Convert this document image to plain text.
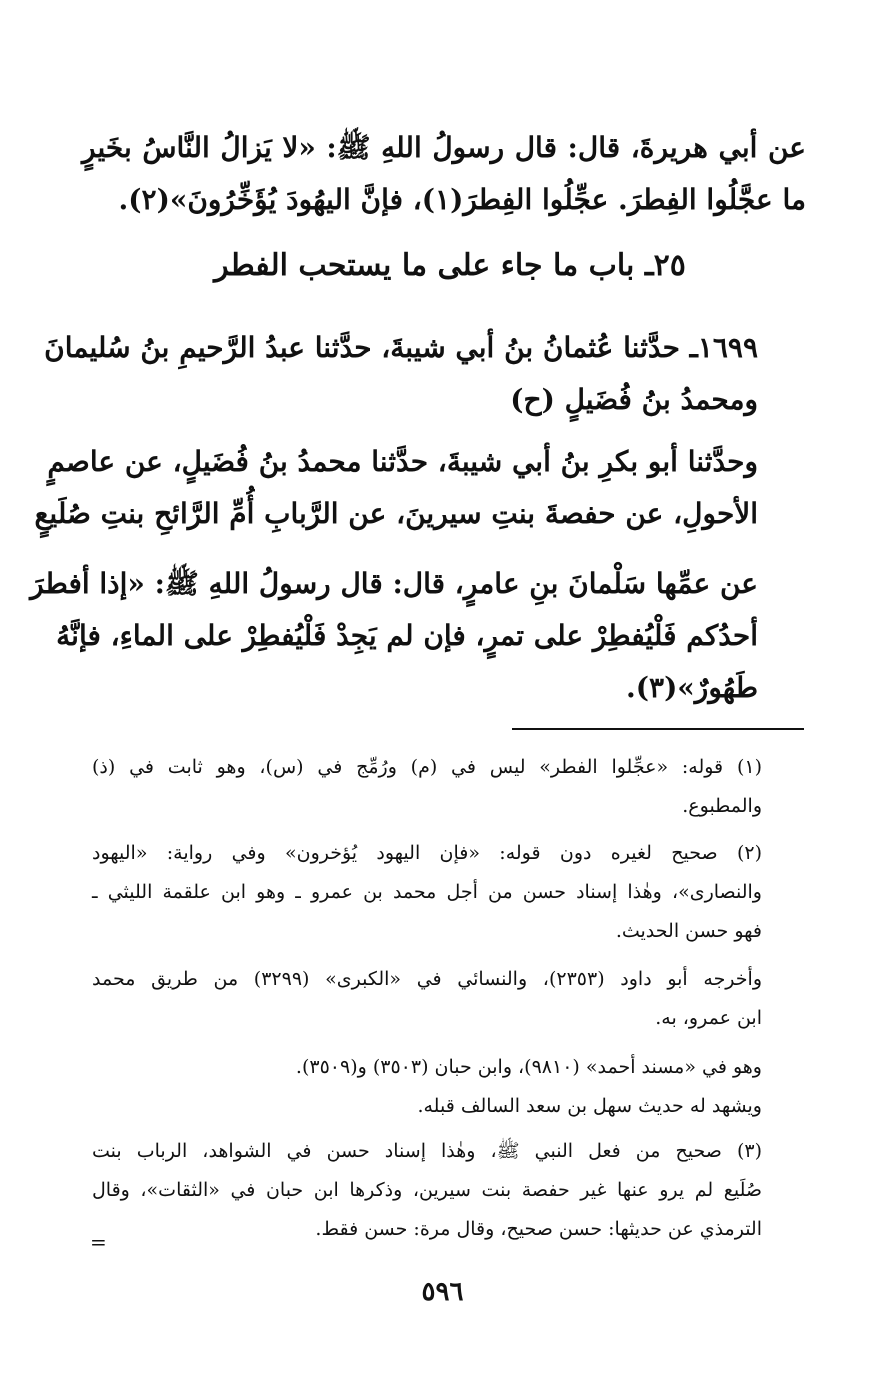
عن أبي هريرةَ، قال: قال رسولُ اللهِ ﷺ: «لا يَزالُ النَّاسُ بخَيرٍ
ما عجَّلُوا الفِطرَ. عجِّلُوا الفِطرَ(١)، فإنَّ اليهُودَ يُؤَخِّرُونَ»(٢).
٢٥ـ باب ما جاء على ما يستحب الفطر
١٦٩٩ـ حدَّثنا عُثمانُ بنُ أبي شيبةَ، حدَّثنا عبدُ الرَّحيمِ بنُ سُليمانَ
ومحمدُ بنُ فُضَيلٍ (ح)
وحدَّثنا أبو بكرِ بنُ أبي شيبةَ، حدَّثنا محمدُ بنُ فُضَيلٍ، عن عاصمٍ
الأحولِ، عن حفصةَ بنتِ سيرينَ، عن الرَّبابِ أُمِّ الرَّائحِ بنتِ صُلَيعٍ
عن عمِّها سَلْمانَ بنِ عامرٍ، قال: قال رسولُ اللهِ ﷺ: «إذا أفطرَ
أحدُكم فَلْيُفطِرْ على تمرٍ، فإن لم يَجِدْ فَلْيُفطِرْ على الماءِ، فإنَّهُ
طَهُورٌ»(٣).
(١) قوله: «عجِّلوا الفطر» ليس في (م) ورُمِّج في (س)، وهو ثابت في (ذ)
والمطبوع.
(٢) صحيح لغيره دون قوله: «فإن اليهود يُؤخرون» وفي رواية: «اليهود
والنصارى»، وهٰذا إسناد حسن من أجل محمد بن عمرو ـ وهو ابن علقمة الليثي ـ
فهو حسن الحديث.
وأخرجه أبو داود (٢٣٥٣)، والنسائي في «الكبرى» (٣٢٩٩) من طريق محمد
ابن عمرو، به.
وهو في «مسند أحمد» (٩٨١٠)، وابن حبان (٣٥٠٣) و(٣٥٠٩).
ويشهد له حديث سهل بن سعد السالف قبله.
(٣) صحيح من فعل النبي ﷺ، وهٰذا إسناد حسن في الشواهد، الرباب بنت
صُلَيع لم يرو عنها غير حفصة بنت سيرين، وذكرها ابن حبان في «الثقات»، وقال
الترمذي عن حديثها: حسن صحيح، وقال مرة: حسن فقط.
=
٥٩٦
